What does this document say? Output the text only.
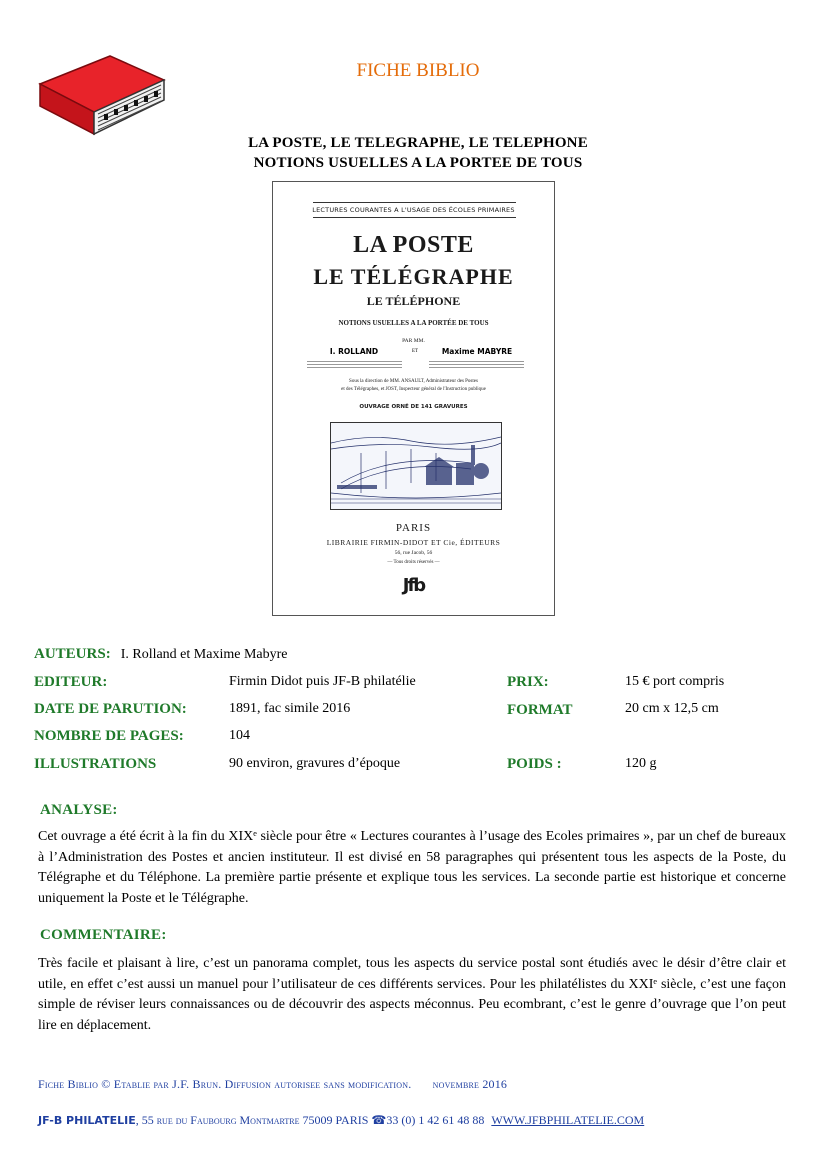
FICHE BIBLIO
LA POSTE, LE TELEGRAPHE, LE TELEPHONE
NOTIONS USUELLES A LA PORTEE DE TOUS
LECTURES COURANTES A L'USAGE DES ÉCOLES PRIMAIRES
LA POSTE
LE TÉLÉGRAPHE
LE TÉLÉPHONE
NOTIONS USUELLES A LA PORTÉE DE TOUS
PAR MM.
I. ROLLAND	ET	Maxime MABYRE
Sous la direction de MM. ANSAULT, Administrateur des Postes
et des Télégraphes, et JOST, Inspecteur général de l'Instruction publique
OUVRAGE ORNÉ DE 141 GRAVURES
PARIS
LIBRAIRIE FIRMIN-DIDOT ET Cie, ÉDITEURS
56, rue Jacob, 56
— Tous droits réservés —
Jfb
AUTEURS: I. Rolland et Maxime Mabyre
EDITEUR:	Firmin Didot puis JF-B philatélie	PRIX:	15 € port compris
DATE DE PARUTION:	1891, fac simile 2016	FORMAT	20 cm x 12,5 cm
NOMBRE DE PAGES:	104
ILLUSTRATIONS	90 environ, gravures d’époque	POIDS :	120 g
ANALYSE:
Cet ouvrage a été écrit à la fin du XIXᵉ siècle pour être « Lectures courantes à l’usage des Ecoles primaires », par un chef de bureaux à l’Administration des Postes et ancien instituteur. Il est divisé en 58 paragraphes qui présentent tous les aspects de la Poste, du Télégraphe et du Téléphone. La première partie présente et explique tous les services. La seconde partie est historique et concerne uniquement la Poste et le Télégraphe.
COMMENTAIRE:
Très facile et plaisant à lire, c’est un panorama complet, tous les aspects du service postal sont étudiés avec le désir d’être clair et utile, en effet c’est aussi un manuel pour l’utilisateur de ces différents services. Pour les philatélistes du XXIᵉ siècle, c’est une façon simple de réviser leurs connaissances ou de découvrir des aspects méconnus. Peu ecombrant, c’est le genre d’ouvrage que l’on peut lire en déplacement.
Fiche Biblio © Etablie par J.F. Brun. Diffusion autorisee sans modification. novembre 2016
JF-B PHILATELIE, 55 rue du Faubourg Montmartre 75009 PARIS ☎33 (0) 1 42 61 48 88 WWW.JFBPHILATELIE.COM
